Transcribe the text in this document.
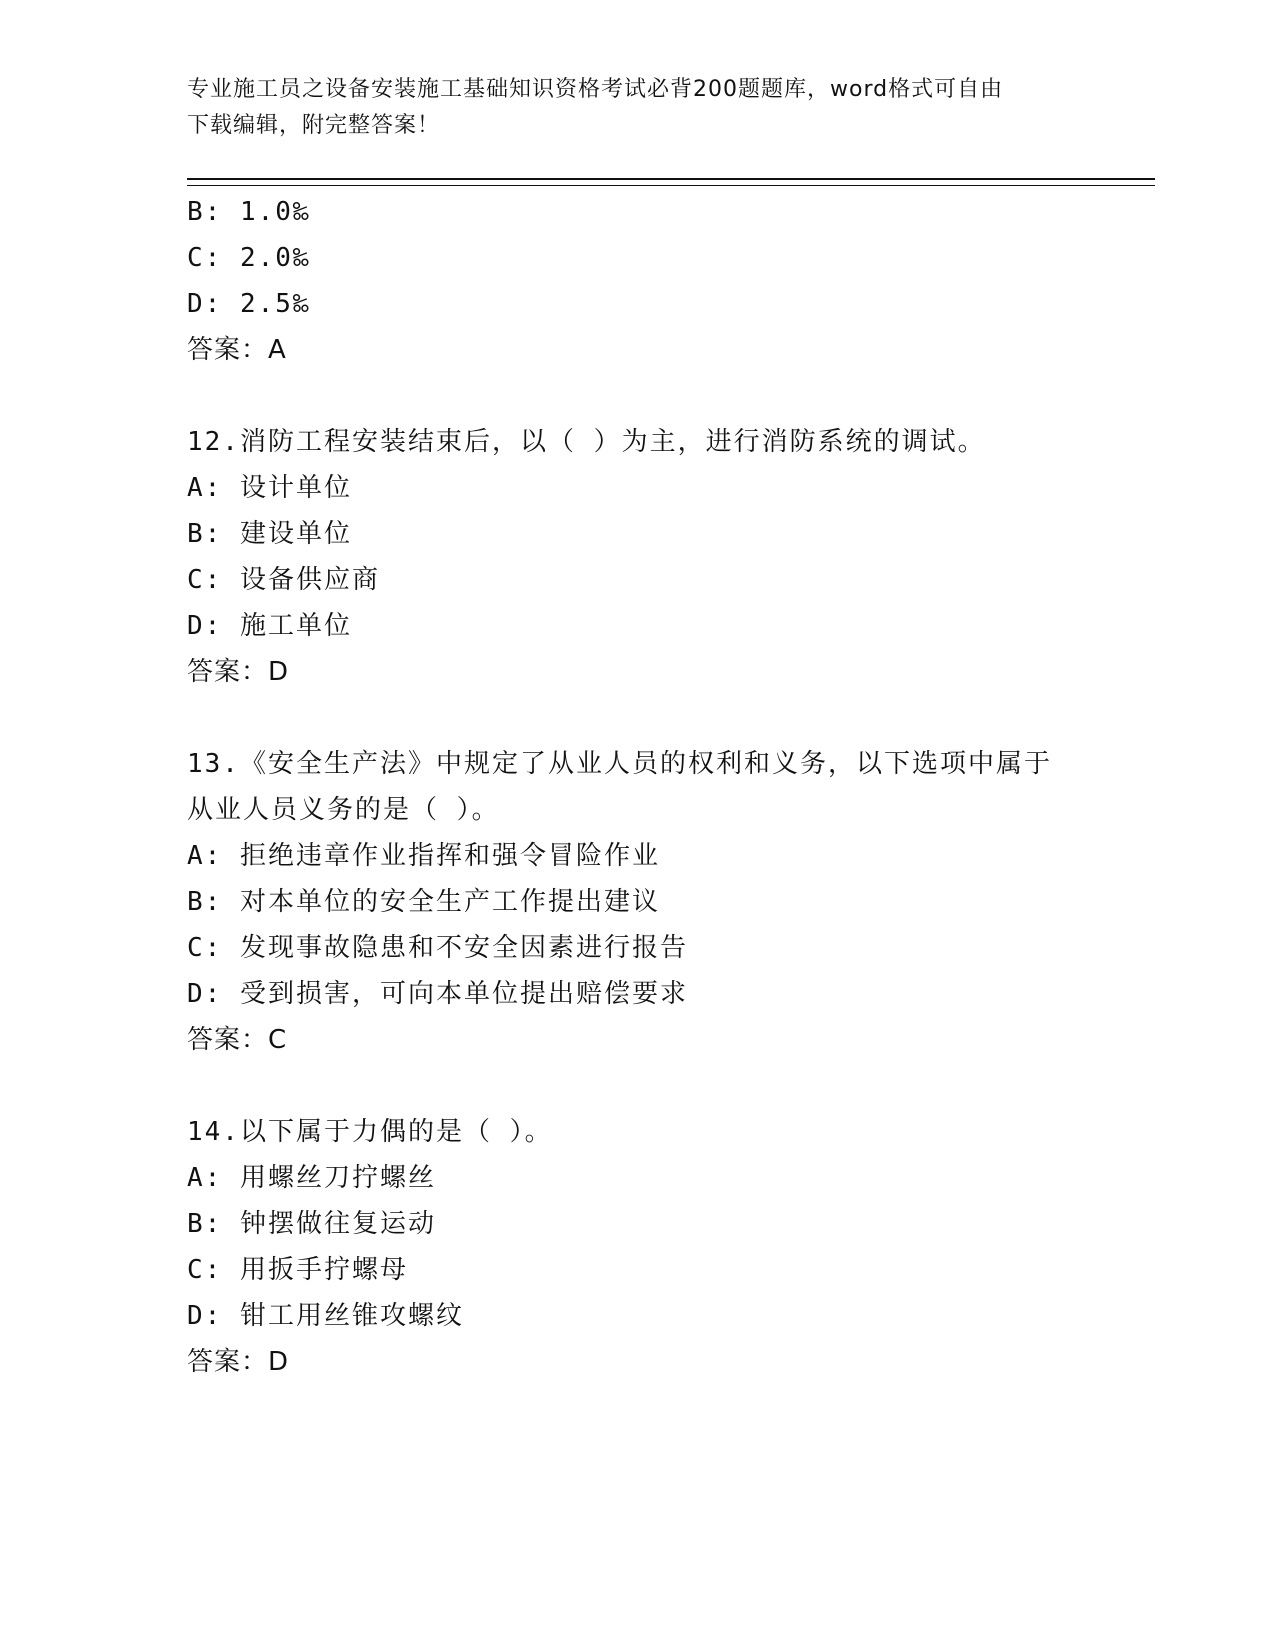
专业施工员之设备安装施工基础知识资格考试必背200题题库，word格式可自由
下载编辑，附完整答案！
B: 1.0‰
C: 2.0‰
D: 2.5‰
答案：A
12.消防工程安装结束后，以（ ）为主，进行消防系统的调试。
A: 设计单位
B: 建设单位
C: 设备供应商
D: 施工单位
答案：D
13.《安全生产法》中规定了从业人员的权利和义务，以下选项中属于
从业人员义务的是（ ）。
A: 拒绝违章作业指挥和强令冒险作业
B: 对本单位的安全生产工作提出建议
C: 发现事故隐患和不安全因素进行报告
D: 受到损害，可向本单位提出赔偿要求
答案：C
14.以下属于力偶的是（ ）。
A: 用螺丝刀拧螺丝
B: 钟摆做往复运动
C: 用扳手拧螺母
D: 钳工用丝锥攻螺纹
答案：D
